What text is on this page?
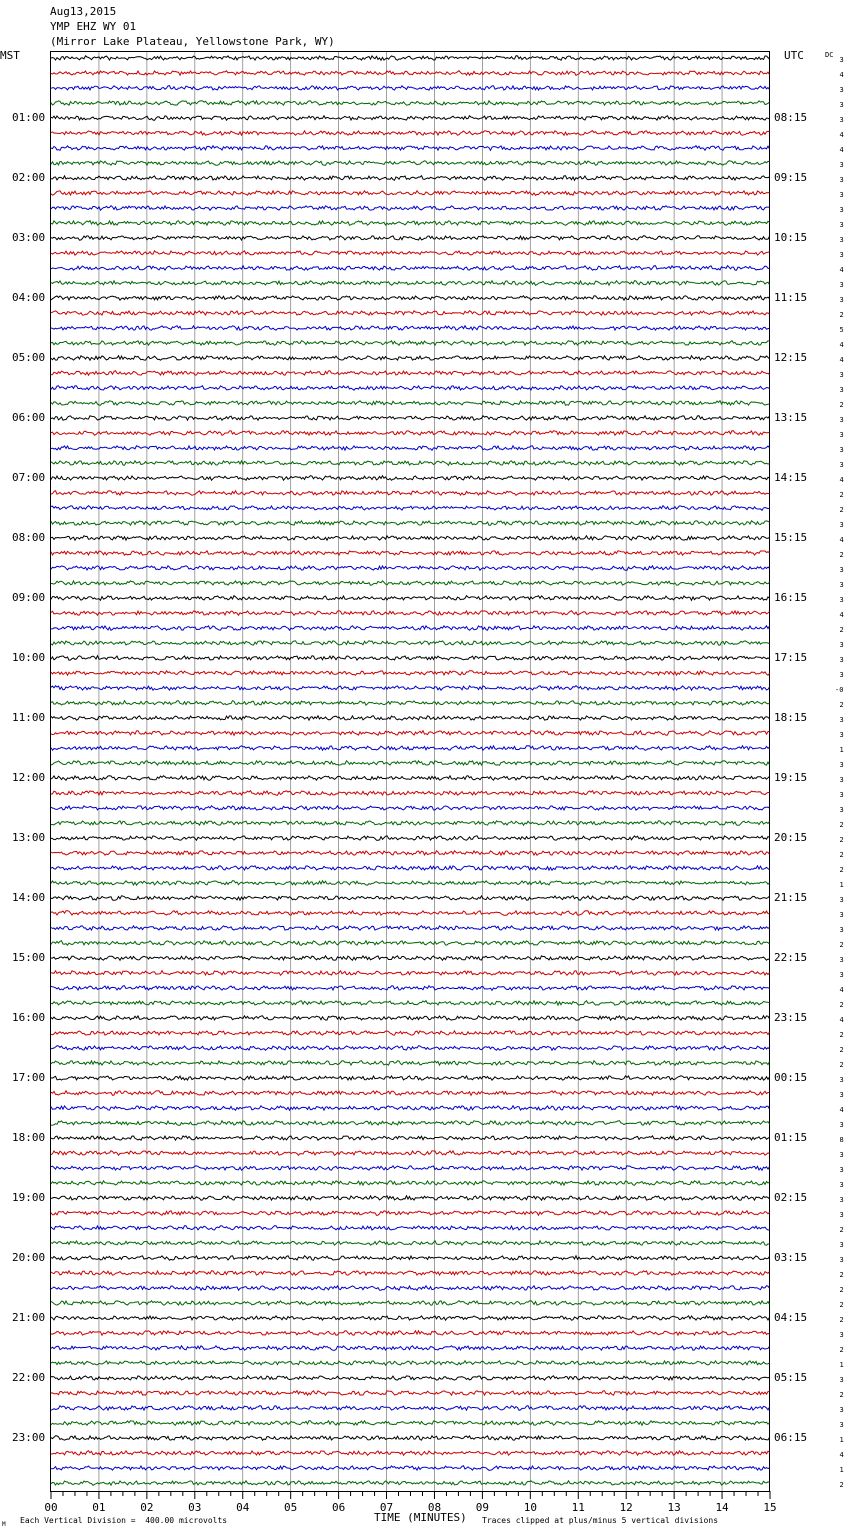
Aug13,2015
YMP EHZ WY 01
(Mirror Lake Plateau, Yellowstone Park, WY)
MST	UTC	DC
01:00
02:00
03:00
04:00
05:00
06:00
07:00
08:00
09:00
10:00
11:00
12:00
13:00
14:00
15:00
16:00
17:00
18:00
19:00
20:00
21:00
22:00
23:00
08:15
09:15
10:15
11:15
12:15
13:15
14:15
15:15
16:15
17:15
18:15
19:15
20:15
21:15
22:15
23:15
00:15
01:15
02:15
03:15
04:15
05:15
06:15
3
4
3
3
3
4
4
3
3
3
3
3
3
3
4
3
3
2
5
4
4
3
3
2
3
3
3
3
4
2
2
3
4
2
3
3
3
4
2
3
3
3
-0
2
3
3
1
3
3
3
3
2
2
2
2
1
3
3
3
2
3
3
4
2
4
2
2
2
3
3
4
3
8
3
3
3
3
3
2
3
3
2
2
2
2
3
2
1
3
2
3
3
1
4
1
2
00	01	02	03	04	05	06	07	08	09	10	11	12	13	14	15
TIME (MINUTES)
Each Vertical Division =  400.00 microvolts	Traces clipped at plus/minus 5 vertical divisions
M
